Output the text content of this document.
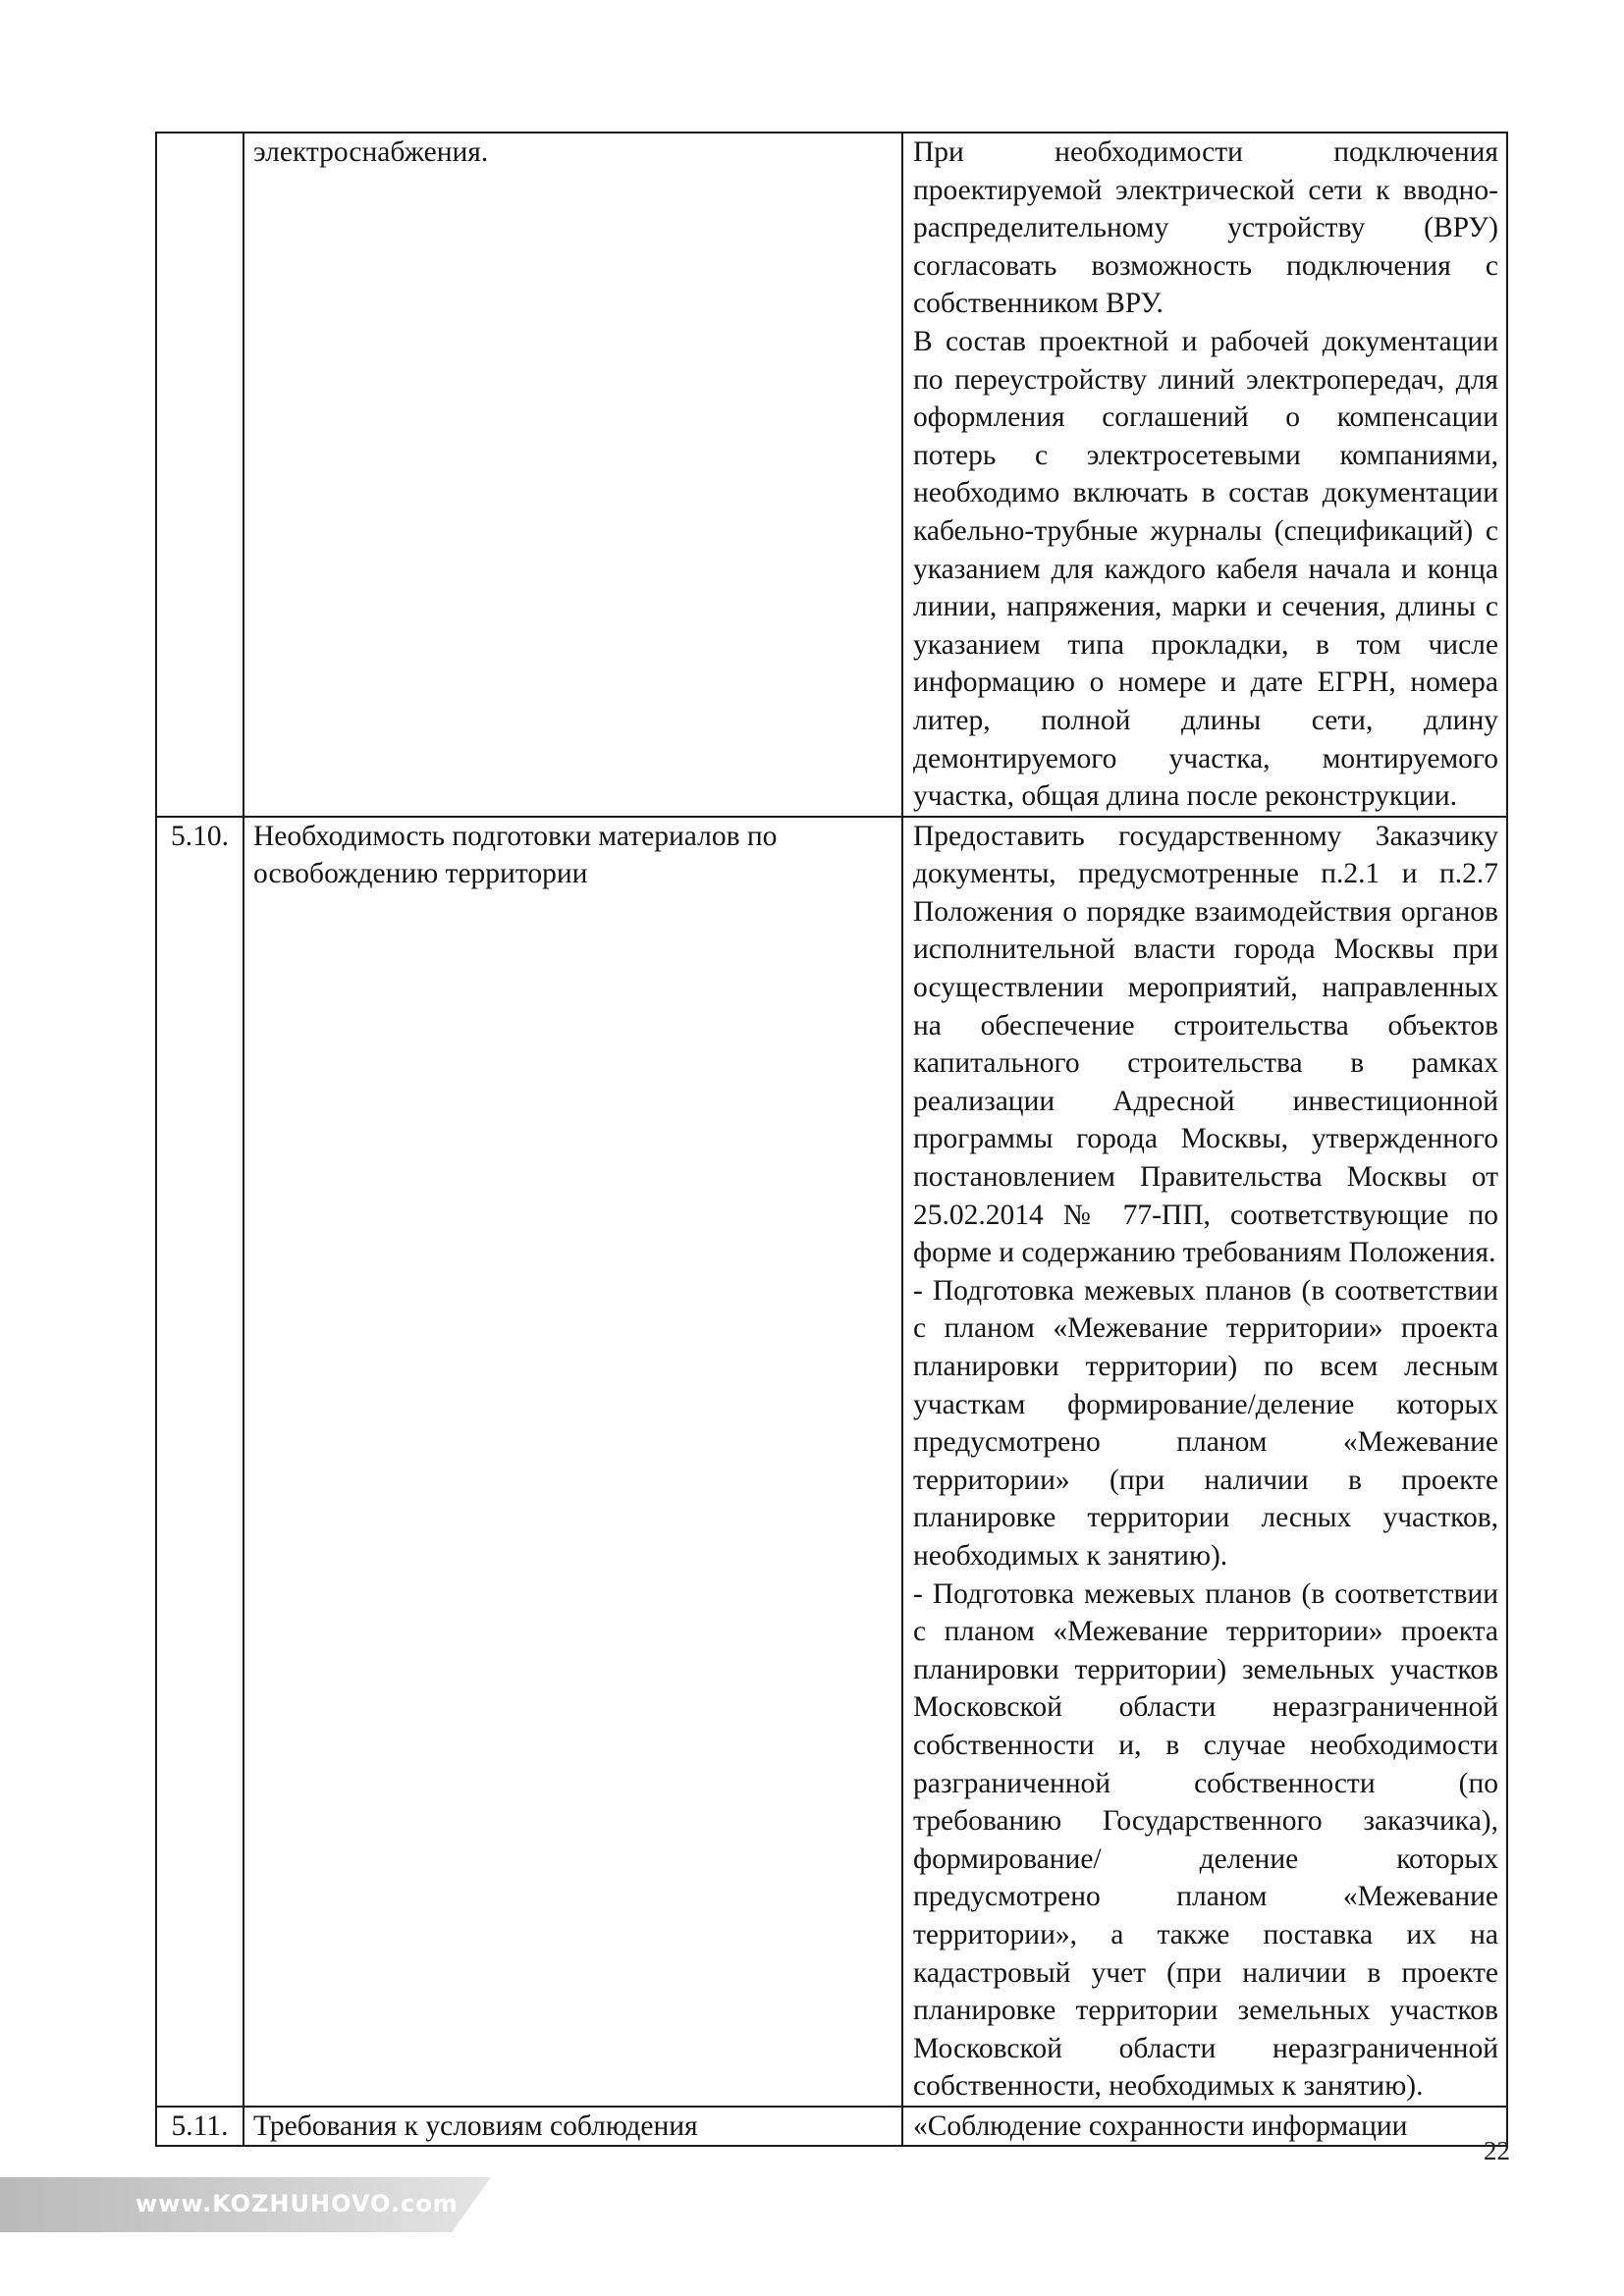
	электроснабжения.	При необходимости подключения проектируемой электрической сети к вводно-распределительному устройству (ВРУ) согласовать возможность подключения с собственником ВРУ.

В состав проектной и рабочей документации по переустройству линий электропередач, для оформления соглашений о компенсации потерь с электросетевыми компаниями, необходимо включать в состав документации кабельно-трубные журналы (спецификаций) с указанием для каждого кабеля начала и конца линии, напряжения, марки и сечения, длины с указанием типа прокладки, в том числе информацию о номере и дате ЕГРН, номера литер, полной длины сети, длину демонтируемого участка, монтируемого участка, общая длина после реконструкции.

5.10.	Необходимость подготовки материалов по освобождению территории	Предоставить государственному Заказчику документы, предусмотренные п.2.1 и п.2.7 Положения о порядке взаимодействия органов исполнительной власти города Москвы при осуществлении мероприятий, направленных на обеспечение строительства объектов капитального строительства в рамках реализации Адресной инвестиционной программы города Москвы, утвержденного постановлением Правительства Москвы от 25.02.2014 № 77-ПП, соответствующие по форме и содержанию требованиям Положения.

- Подготовка межевых планов (в соответствии с планом «Межевание территории» проекта планировки территории) по всем лесным участкам формирование/деление которых предусмотрено планом «Межевание территории» (при наличии в проекте планировке территории лесных участков, необходимых к занятию).

- Подготовка межевых планов (в соответствии с планом «Межевание территории» проекта планировки территории) земельных участков Московской области неразграниченной собственности и, в случае необходимости разграниченной собственности (по требованию Государственного заказчика), формирование/ деление которых предусмотрено планом «Межевание территории», а также поставка их на кадастровый учет (при наличии в проекте планировке территории земельных участков Московской области неразграниченной собственности, необходимых к занятию).

5.11.	Требования к условиям соблюдения	«Соблюдение сохранности информации

22
www.KOZHUHOVO.com
